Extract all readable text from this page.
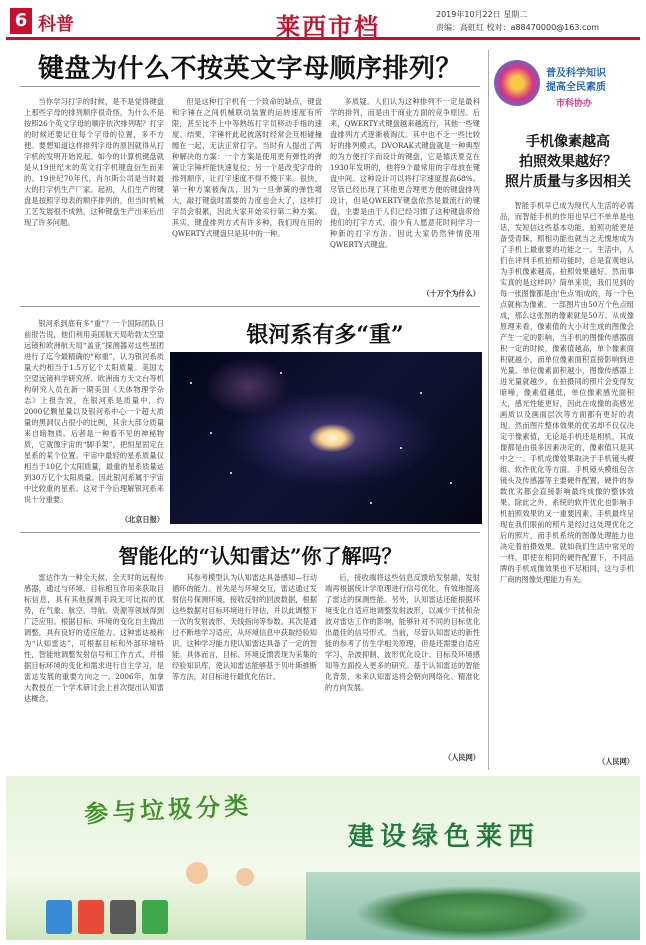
6 科普	莱西市档	2019年10月22日 星期二
责编：高虹红 校对：a88470000@163.com
键盘为什么不按英文字母顺序排列？

当你学习打字的时候，是不是觉得键盘上那些字母的排列顺序很奇怪，为什么不是按照26个英文字母的顺序依次排列呢？打字的时候还要记住每个字母的位置，多不方便。要想知道这样排列字母的原因就得从打字机的发明开始说起。如今的计算机键盘就是从19世纪末的英文打字机键盘衍生而来的。19世纪70年代，肖尔斯公司是当时最大的打字机生产厂家。起初，人们生产的键盘是按照字母表的顺序排列的，但当时机械工艺发展很不成熟，这种键盘生产出来后出现了许多问题。

但是这种打字机有一个致命的缺点，键盘和字锤在之间机械联动装置的运转速度有所限，甚至比不上中等熟练打字员移动手指的速度。结果，字锤杆此起彼落时经常会互相碰撞缠在一起，无法正常打字。当时有人提出了两种解决的方案：一个方案是使用更有弹性的弹簧让字锤杆能快速复位；另一个是改变字母的排列顺序，让打字速度不得不慢下来。很快，第一种方案被淘汰，因为一旦弹簧的弹性增大，敲打键盘时需要的力度也会大了，这样打字员会很累，因此大家开始实行第二种方案。其实，键盘排列方式有许多种，我们现在用的QWERTY式键盘只是其中的一种。

多质疑。人们认为这种排列不一定是最科学的排列，而是由于商业方面的竞争原因。后来，QWERTY式键盘越来越流行，其他一些键盘排列方式逐渐被淘汰。其中也不乏一些比较好的排列模式，DVORAK式键盘就是一种典型的为方便打字而设计的键盘，它是德沃夏克在1930年发明的，他将9个最常用的字母放在键盘中间。这种设计可以将打字速度提高68%。尽管已经出现了其他更合理更方便的键盘排列设计，但是QWERTY键盘依然是最流行的键盘，主要是由于人们已经习惯了这种键盘带给他们的打字方式，很少有人愿意花时间学习一种新的打字方法。因此大家仍然钟情使用QWERTY式键盘。

（十万个为什么）
普及科学知识
提高全民素质
市科协办
手机像素越高
拍照效果越好？
照片质量与多因相关

智能手机早已成为现代人生活的必需品，而智能手机的作用也早已不单单是电话，发短信这些基本功能，拍照功能更是备受青睐，照相功能也就当之无愧地成为了手机上最重要的功能之一。生活中，人们在评判手机拍照功能时，总是直观地认为手机像素越高，拍照效果越好。然而事实真的是这样吗？简单来说，我们见到的每一张图像都是由'色点'组成的，每一个色点就称为像素。一部图片由50万个色点组成，那么这张图的像素就是50万。从成像原理来看，像素值的大小对生成的图像会产生一定的影响，当手机的图像传感器面积一定的时候，像素值越高，单个像素面积就越小，而单位像素面积直接影响到进光量。单位像素面积越小，图像传感器上进光量就越少，在拍摄同的照片会变得发暗噪，像素值越低，单位像素感光面积大，感光性能更好，因此在成像的高感光画质以及画面层次等方面都有更好的表现。然而图片整体效果的优劣却不仅仅决定于像素值，无论是手机还是相机，其成像都是由很多因素决定的，像素值只是其中之一。手机成像效果取决于手机镜头模组、软件优化等方面。手机镜头模组包含镜头及传感器等主要硬件配置，硬件的参数优劣都会直接影响最终成像的整体效果。除此之外，系统的软件优化也影响手机拍照效果的又一重要因素。手机最终呈现在我们眼前的照片是经过这处理优化之后的照片，而手机系统的图像处理能力也决定着拍摄效果。就如我们生活中常见的一样，即使在相同的硬件配置下，不同品牌的手机成像效果也不尽相同，这与手机厂商的图像处理能力有关。

（人民网）
银河系有多“重”

银河系到底有多“重”？一个国际团队日前报告说，他们利用美国航天局哈勃太空望远镜和欧洲航天局“盖亚”探测器对这些星团进行了迄今最精确的“称重”，认为银河系质量大约相当于1.5万亿个太阳质量。美国太空望远镜科学研究所、欧洲南方天文台等机构研究人员在新一期美国《天体物理学杂志》上报告说，在银河系是质量中，约2000亿颗星量以及银河系中心一个超大质量的黑洞仅占很小的比例，其余大部分质量来自暗物质。后者是一种看不见的神秘物质，它就像宇宙的“脚手架”，把恒星固定在星系的某个位置。宇宙中最轻的星系质量仅相当于10亿个太阳质量，最重的星系质量达到30万亿个太阳质量。因此银河系属于宇宙中比较重的星系。这对于今后理解银河系来说十分重要。

（北京日报）
智能化的“认知雷达”你了解吗？

雷达作为一种全天候、全天时的远程传感器，通过与环境、目标相互作用来获取目标信息，具有其他探测手段无可比拟的优势，在气象、航空、导航、资源等领域得到广泛应用。根据目标、环境的变化自主做出调整，具有良好的适应能力。这种雷达被称为“认知雷达”，可根据目标和外部环境特性，智能地调整发射信号和工作方式，并根据目标环境的变化和需求进行自主学习，是雷达发展的重要方向之一。2006年，加拿大教授在一个学术研讨会上首次提出认知雷达概念。

其参考模型认为认知雷达具备感知—行动循环的能力。首先是与环境交互，雷达通过发射信号探测环境，接收反射的回波数据，根据这些数据对目标环境进行评估，并以此调整下一次的发射波形、天线指向等参数。其次是通过不断地学习适应，从环境信息中获取经验知识。这种学习能力使认知雷达具备了一定的智能。具体而言，目标、环境反馈表现为采集的经验知识库，使认知雷达能够基于贝叶斯推断等方法，对目标进行最优化估计。

后，接收端将这些信息反馈给发射端，发射端再根据统计学原理进行信号优化，有效地提高了雷达的探测性能。另外，认知雷达还能根据环境变化自适应地调整发射波形，以减少干扰和杂波对雷达工作的影响，能够针对不同的目标优化出最佳的信号形式。当前，尽管认知雷达的新性能的参考了仿生学相关原理，但是还需要自适应学习、杂波抑制、波形优化设计、目标及环境感知等方面投入更多的研究。基于认知雷达的智能化背景，未来认知雷达将会朝向网络化、精准化的方向发展。

（人民网）
参与垃圾分类
建设绿色莱西
